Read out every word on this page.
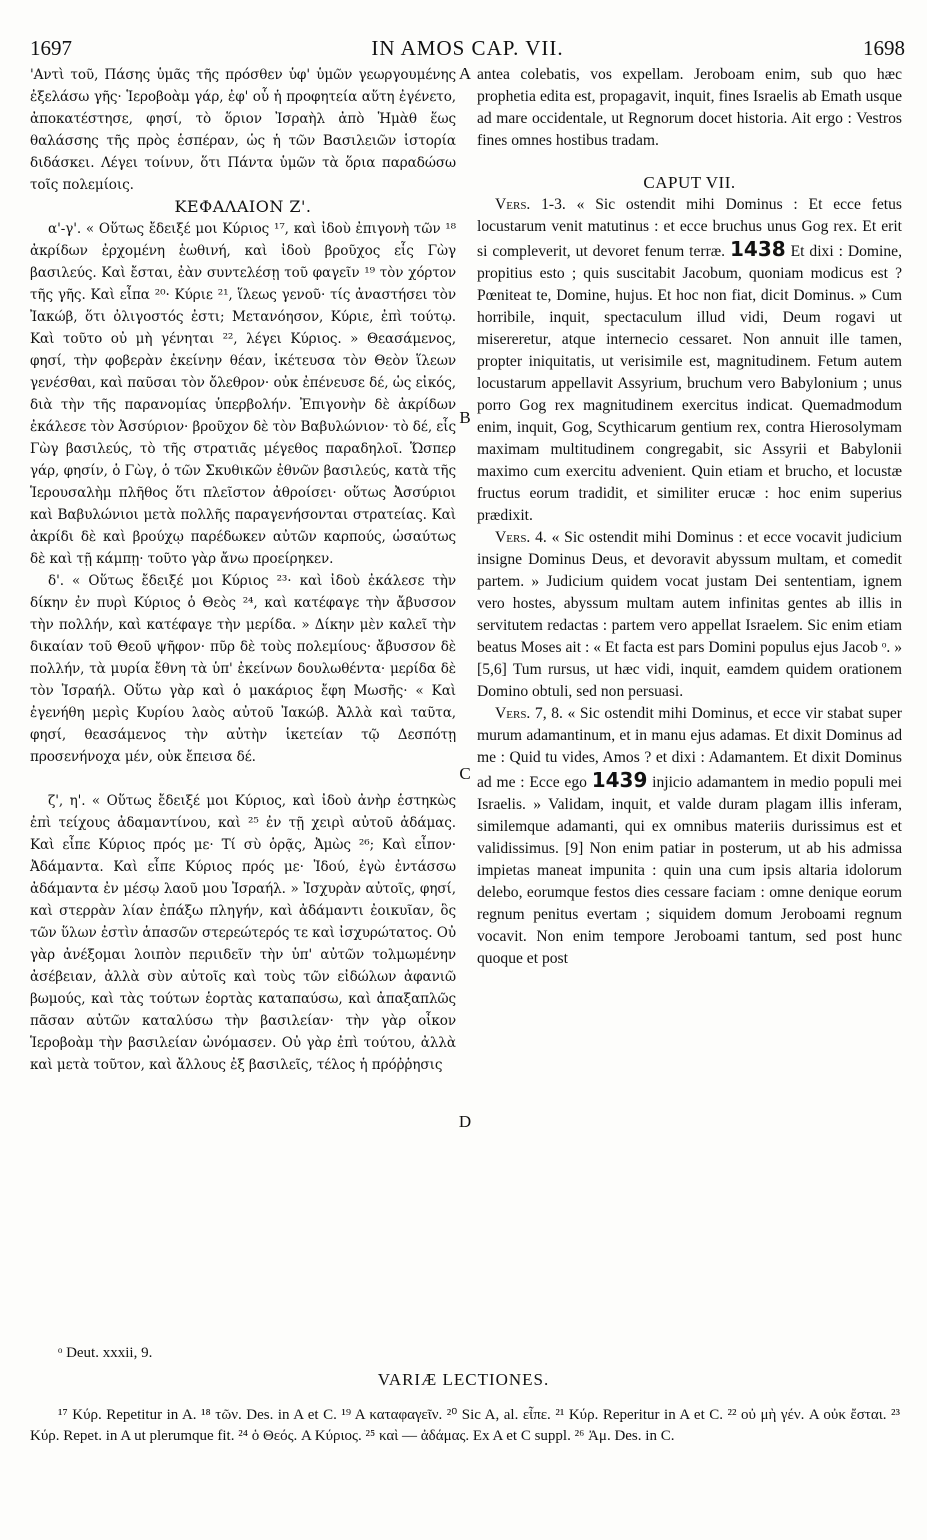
1697	IN AMOS CAP. VII.	1698

'Αντὶ τοῦ, Πάσης ὑμᾶς τῆς πρόσθεν ὑφ' ὑμῶν γεωργουμένης ἐξελάσω γῆς· Ἱεροβοὰμ γάρ, ἐφ' οὗ ἡ προφητεία αὕτη ἐγένετο, ἀποκατέστησε, φησί, τὸ ὅριον Ἰσραὴλ ἀπὸ Ἡμὰθ ἕως θαλάσσης τῆς πρὸς ἑσπέραν, ὡς ἡ τῶν Βασιλειῶν ἱστορία διδάσκει. Λέγει τοίνυν, ὅτι Πάντα ὑμῶν τὰ ὅρια παραδώσω τοῖς πολεμίοις.

ΚΕΦΑΛΑΙΟΝ Ζ'.

α'-γ'. « Οὕτως ἔδειξέ μοι Κύριος ¹⁷, καὶ ἰδοὺ ἐπιγονὴ τῶν ¹⁸ ἀκρίδων ἐρχομένη ἑωθινή, καὶ ἰδοὺ βροῦχος εἷς Γὼγ βασιλεύς. Καὶ ἔσται, ἐὰν συντελέσῃ τοῦ φαγεῖν ¹⁹ τὸν χόρτον τῆς γῆς. Καὶ εἶπα ²⁰· Κύριε ²¹, ἵλεως γενοῦ· τίς ἀναστήσει τὸν Ἰακώβ, ὅτι ὀλιγοστός ἐστι; Μετανόησον, Κύριε, ἐπὶ τούτῳ. Καὶ τοῦτο οὐ μὴ γένηται ²², λέγει Κύριος. » Θεασάμενος, φησί, τὴν φοβερὰν ἐκείνην θέαν, ἱκέτευσα τὸν Θεὸν ἵλεων γενέσθαι, καὶ παῦσαι τὸν ὄλεθρον· οὐκ ἐπένευσε δέ, ὡς εἰκός, διὰ τὴν τῆς παρανομίας ὑπερβολήν. Ἐπιγονὴν δὲ ἀκρίδων ἐκάλεσε τὸν Ἀσσύριον· βροῦχον δὲ τὸν Βαβυλώνιον· τὸ δέ, εἷς Γὼγ βασιλεύς, τὸ τῆς στρατιᾶς μέγεθος παραδηλοῖ. Ὥσπερ γάρ, φησίν, ὁ Γὼγ, ὁ τῶν Σκυθικῶν ἐθνῶν βασιλεύς, κατὰ τῆς Ἱερουσαλὴμ πλῆθος ὅτι πλεῖστον ἀθροίσει· οὕτως Ἀσσύριοι καὶ Βαβυλώνιοι μετὰ πολλῆς παραγενήσονται στρατείας. Καὶ ἀκρίδι δὲ καὶ βρούχῳ παρέδωκεν αὐτῶν καρπούς, ὡσαύτως δὲ καὶ τῇ κάμπῃ· τοῦτο γὰρ ἄνω προείρηκεν.

δ'. « Οὕτως ἔδειξέ μοι Κύριος ²³· καὶ ἰδοὺ ἐκάλεσε τὴν δίκην ἐν πυρὶ Κύριος ὁ Θεὸς ²⁴, καὶ κατέφαγε τὴν ἄβυσσον τὴν πολλήν, καὶ κατέφαγε τὴν μερίδα. » Δίκην μὲν καλεῖ τὴν δικαίαν τοῦ Θεοῦ ψῆφον· πῦρ δὲ τοὺς πολεμίους· ἄβυσσον δὲ πολλήν, τὰ μυρία ἔθνη τὰ ὑπ' ἐκείνων δουλωθέντα· μερίδα δὲ τὸν Ἰσραήλ. Οὕτω γὰρ καὶ ὁ μακάριος ἔφη Μωσῆς· « Καὶ ἐγενήθη μερὶς Κυρίου λαὸς αὐτοῦ Ἰακώβ. Ἀλλὰ καὶ ταῦτα, φησί, θεασάμενος τὴν αὐτὴν ἱκετείαν τῷ Δεσπότῃ προσενήνοχα μέν, οὐκ ἔπεισα δέ.

ζ', η'. « Οὕτως ἔδειξέ μοι Κύριος, καὶ ἰδοὺ ἀνὴρ ἑστηκὼς ἐπὶ τείχους ἀδαμαντίνου, καὶ ²⁵ ἐν τῇ χειρὶ αὐτοῦ ἀδάμας. Καὶ εἶπε Κύριος πρός με· Τί σὺ ὁρᾷς, Ἀμὼς ²⁶; Καὶ εἶπον· Ἀδάμαντα. Καὶ εἶπε Κύριος πρός με· Ἰδού, ἐγὼ ἐντάσσω ἀδάμαντα ἐν μέσῳ λαοῦ μου Ἰσραήλ. » Ἰσχυρὰν αὐτοῖς, φησί, καὶ στερρὰν λίαν ἐπάξω πληγήν, καὶ ἀδάμαντι ἐοικυῖαν, ὃς τῶν ὕλων ἐστὶν ἁπασῶν στερεώτερός τε καὶ ἰσχυρώτατος. Οὐ γὰρ ἀνέξομαι λοιπὸν περιιδεῖν τὴν ὑπ' αὐτῶν τολμωμένην ἀσέβειαν, ἀλλὰ σὺν αὐτοῖς καὶ τοὺς τῶν εἰδώλων ἀφανιῶ βωμούς, καὶ τὰς τούτων ἑορτὰς καταπαύσω, καὶ ἀπαξαπλῶς πᾶσαν αὐτῶν καταλύσω τὴν βασιλείαν· τὴν γὰρ οἶκον Ἱεροβοὰμ τὴν βασιλείαν ὠνόμασεν. Οὐ γὰρ ἐπὶ τούτου, ἀλλὰ καὶ μετὰ τοῦτον, καὶ ἄλλους ἐξ βασιλεῖς, τέλος ἡ πρόῤῥησις

antea colebatis, vos expellam. Jeroboam enim, sub quo hæc prophetia edita est, propagavit, inquit, fines Israelis ab Emath usque ad mare occidentale, ut Regnorum docet historia. Ait ergo : Vestros fines omnes hostibus tradam.

CAPUT VII.

Vers. 1-3. « Sic ostendit mihi Dominus : Et ecce fetus locustarum venit matutinus : et ecce bruchus unus Gog rex. Et erit si compleverit, ut devoret fenum terræ. 1438 Et dixi : Domine, propitius esto ; quis suscitabit Jacobum, quoniam modicus est ? Pœniteat te, Domine, hujus. Et hoc non fiat, dicit Dominus. » Cum horribile, inquit, spectaculum illud vidi, Deum rogavi ut misereretur, atque internecio cessaret. Non annuit ille tamen, propter iniquitatis, ut verisimile est, magnitudinem. Fetum autem locustarum appellavit Assyrium, bruchum vero Babylonium ; unus porro Gog rex magnitudinem exercitus indicat. Quemadmodum enim, inquit, Gog, Scythicarum gentium rex, contra Hierosolymam maximam multitudinem congregabit, sic Assyrii et Babylonii maximo cum exercitu advenient. Quin etiam et brucho, et locustæ fructus eorum tradidit, et similiter erucæ : hoc enim superius prædixit.

Vers. 4. « Sic ostendit mihi Dominus : et ecce vocavit judicium insigne Dominus Deus, et devoravit abyssum multam, et comedit partem. » Judicium quidem vocat justam Dei sententiam, ignem vero hostes, abyssum multam autem infinitas gentes ab illis in servitutem redactas : partem vero appellat Israelem. Sic enim etiam beatus Moses ait : « Et facta est pars Domini populus ejus Jacob ᵒ. » [5,6] Tum rursus, ut hæc vidi, inquit, eamdem quidem orationem Domino obtuli, sed non persuasi.

Vers. 7, 8. « Sic ostendit mihi Dominus, et ecce vir stabat super murum adamantinum, et in manu ejus adamas. Et dixit Dominus ad me : Quid tu vides, Amos ? et dixi : Adamantem. Et dixit Dominus ad me : Ecce ego 1439 injicio adamantem in medio populi mei Israelis. » Validam, inquit, et valde duram plagam illis inferam, similemque adamanti, qui ex omnibus materiis durissimus est et validissimus. [9] Non enim patiar in posterum, ut ab his admissa impietas maneat impunita : quin una cum ipsis altaria idolorum delebo, eorumque festos dies cessare faciam : omne denique eorum regnum penitus evertam ; siquidem domum Jeroboami regnum vocavit. Non enim tempore Jeroboami tantum, sed post hunc quoque et post

A
B
C
D
ᵒ Deut. xxxii, 9.
VARIÆ LECTIONES.
¹⁷ Κύρ. Repetitur in A. ¹⁸ τῶν. Des. in A et C. ¹⁹ A καταφαγεῖν. ²⁰ Sic A, al. εἶπε. ²¹ Κύρ. Reperitur in A et C. ²² οὐ μὴ γέν. A οὐκ ἔσται. ²³ Κύρ. Repet. in A ut plerumque fit. ²⁴ ὁ Θεός. A Κύριος. ²⁵ καὶ — ἀδάμας. Ex A et C suppl. ²⁶ Ἀμ. Des. in C.
